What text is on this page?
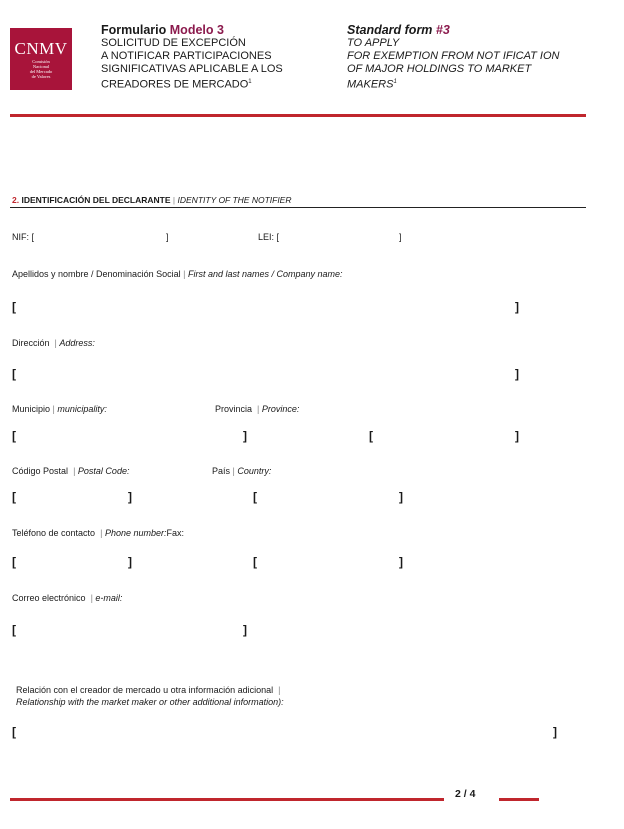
CNMV
Comisión
Nacional
del Mercado
de Valores
Formulario Modelo 3
SOLICITUD DE EXCEPCIÓN
A NOTIFICAR PARTICIPACIONES
SIGNIFICATIVAS APLICABLE A LOS
CREADORES DE MERCADO$^1$
Standard form #3
TO APPLY
FOR EXEMPTION FROM NOT IFICAT ION
OF MAJOR HOLDINGS TO MARKET
MAKERS$^1$
2. IDENTIFICACIÓN DEL DECLARANTE | IDENTITY OF THE NOTIFIER
NIF: [	]	LEI: [	]
Apellidos y nombre / Denominación Social | First and last names / Company name:
[	]
Dirección | Address:
[	]
Municipio | municipality:	Provincia | Province:
[	]	[	]
Código Postal | Postal Code:	País | Country:
[	]	[	]
Teléfono de contacto | Phone number:Fax:
[	]	[	]
Correo electrónico | e-mail:
[	]
Relación con el creador de mercado u otra información adicional |
Relationship with the market maker or other additional information):
[	]
2 / 4
